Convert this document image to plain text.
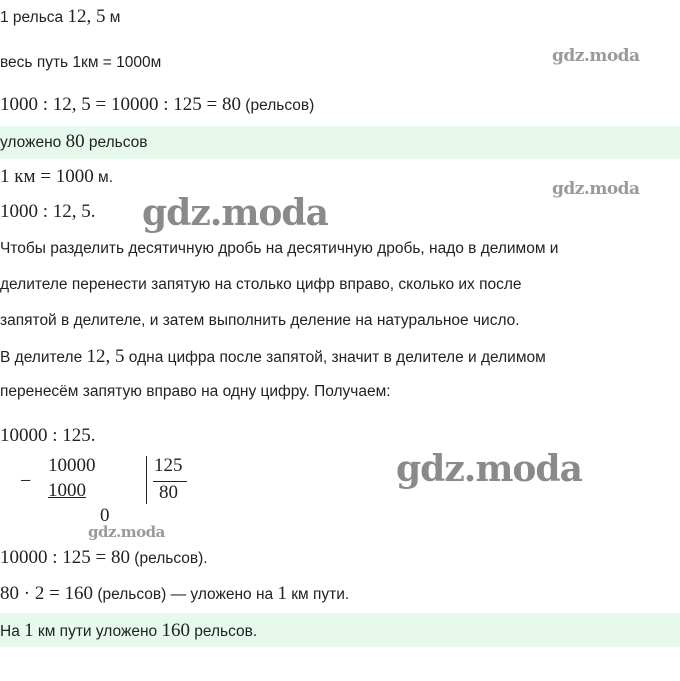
gdz.moda
gdz.moda
gdz.moda
gdz.moda
gdz.moda
1 рельса 12, 5 м
весь путь 1км = 1000м
1000 : 12, 5 = 10000 : 125 = 80 (рельсов)
уложено 80 рельсов
1 км = 1000 м.
1000 : 12, 5.
Чтобы разделить десятичную дробь на десятичную дробь, надо в делимом и
делителе перенести запятую на столько цифр вправо, сколько их после
запятой в делителе, и затем выполнить деление на натуральное число.
В делителе 12, 5 одна цифра после запятой, значит в делителе и делимом
перенесём запятую вправо на одну цифру. Получаем:
10000 : 125.
−
10000
1000
0
125
80
10000 : 125 = 80 (рельсов).
80 · 2 = 160 (рельсов) — уложено на 1 км пути.
На 1 км пути уложено 160 рельсов.
